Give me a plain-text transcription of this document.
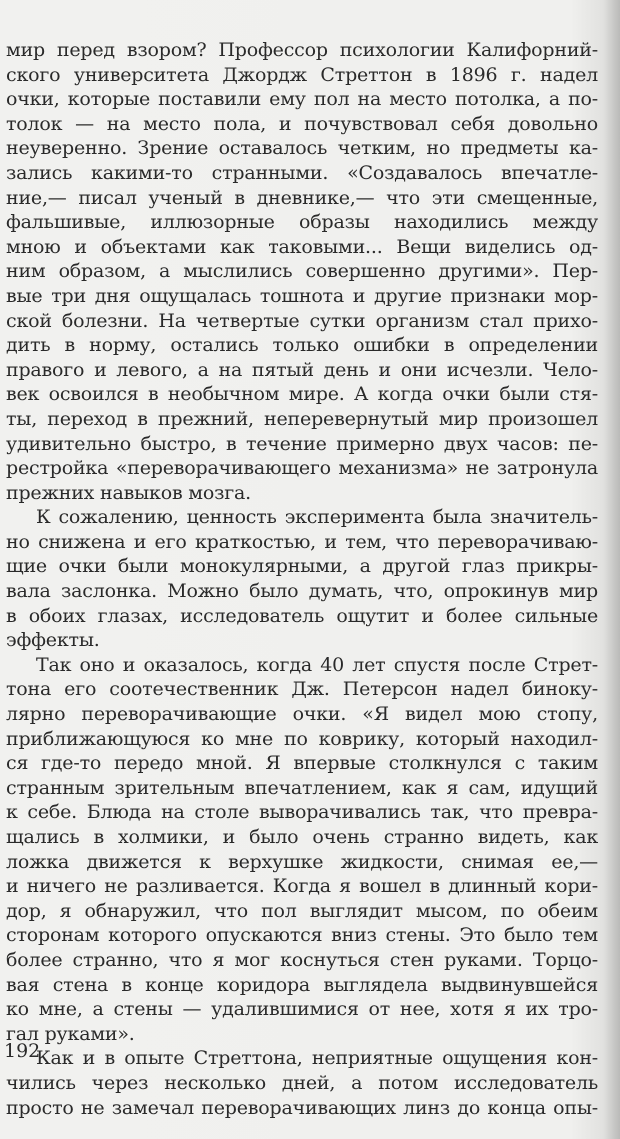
мир перед взором? Профессор психологии Калифорний-
ского университета Джордж Стреттон в 1896 г. надел
очки, которые поставили ему пол на место потолка, а по-
толок — на место пола, и почувствовал себя довольно
неуверенно. Зрение оставалось четким, но предметы ка-
зались какими-то странными. «Создавалось впечатле-
ние,— писал ученый в дневнике,— что эти смещенные,
фальшивые, иллюзорные образы находились между
мною и объектами как таковыми... Вещи виделись од-
ним образом, а мыслились совершенно другими». Пер-
вые три дня ощущалась тошнота и другие признаки мор-
ской болезни. На четвертые сутки организм стал прихо-
дить в норму, остались только ошибки в определении
правого и левого, а на пятый день и они исчезли. Чело-
век освоился в необычном мире. А когда очки были стя-
ты, переход в прежний, неперевернутый мир произошел
удивительно быстро, в течение примерно двух часов: пе-
рестройка «переворачивающего механизма» не затронула
прежних навыков мозга.
К сожалению, ценность эксперимента была значитель-
но снижена и его краткостью, и тем, что переворачиваю-
щие очки были монокулярными, а другой глаз прикры-
вала заслонка. Можно было думать, что, опрокинув мир
в обоих глазах, исследователь ощутит и более сильные
эффекты.
Так оно и оказалось, когда 40 лет спустя после Стрет-
тона его соотечественник Дж. Петерсон надел биноку-
лярно переворачивающие очки. «Я видел мою стопу,
приближающуюся ко мне по коврику, который находил-
ся где-то передо мной. Я впервые столкнулся с таким
странным зрительным впечатлением, как я сам, идущий
к себе. Блюда на столе выворачивались так, что превра-
щались в холмики, и было очень странно видеть, как
ложка движется к верхушке жидкости, снимая ее,—
и ничего не разливается. Когда я вошел в длинный кори-
дор, я обнаружил, что пол выглядит мысом, по обеим
сторонам которого опускаются вниз стены. Это было тем
более странно, что я мог коснуться стен руками. Торцо-
вая стена в конце коридора выглядела выдвинувшейся
ко мне, а стены — удалившимися от нее, хотя я их тро-
гал руками».
Как и в опыте Стреттона, неприятные ощущения кон-
чились через несколько дней, а потом исследователь
просто не замечал переворачивающих линз до конца опы-
192
